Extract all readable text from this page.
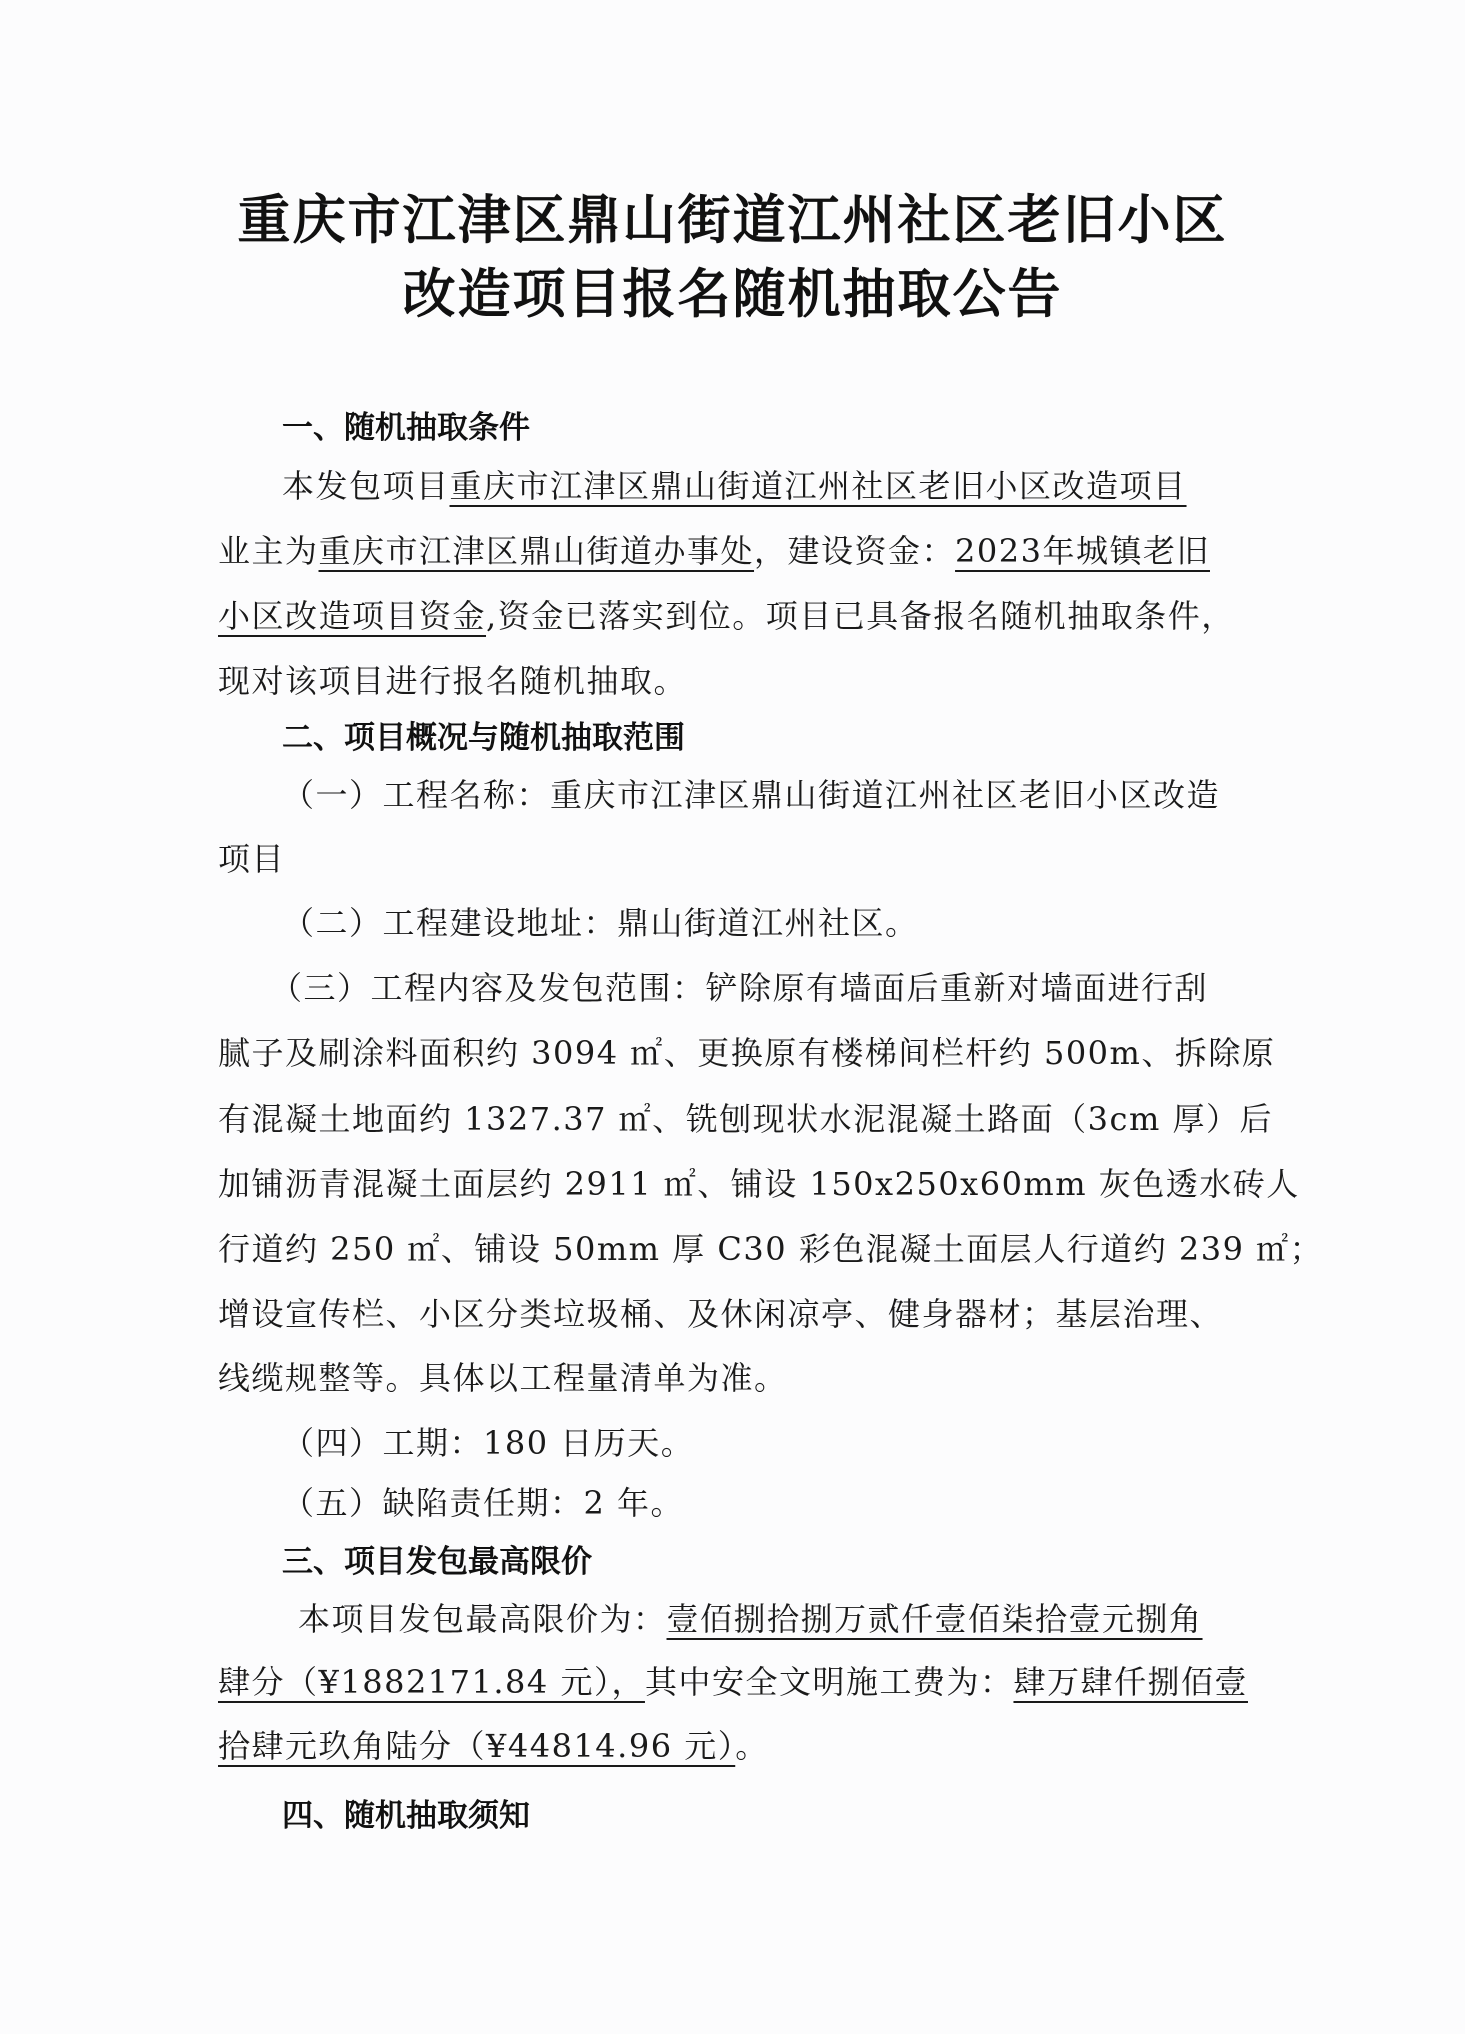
重庆市江津区鼎山街道江州社区老旧小区
改造项目报名随机抽取公告
一、随机抽取条件
本发包项目重庆市江津区鼎山街道江州社区老旧小区改造项目
业主为重庆市江津区鼎山街道办事处，建设资金：2023年城镇老旧
小区改造项目资金,资金已落实到位。项目已具备报名随机抽取条件，
现对该项目进行报名随机抽取。
二、项目概况与随机抽取范围
（一）工程名称：重庆市江津区鼎山街道江州社区老旧小区改造
项目
（二）工程建设地址：鼎山街道江州社区。
（三）工程内容及发包范围：铲除原有墙面后重新对墙面进行刮
腻子及刷涂料面积约 3094 ㎡、更换原有楼梯间栏杆约 500m、拆除原
有混凝土地面约 1327.37 ㎡、铣刨现状水泥混凝土路面（3cm 厚）后
加铺沥青混凝土面层约 2911 ㎡、铺设 150x250x60mm 灰色透水砖人
行道约 250 ㎡、铺设 50mm 厚 C30 彩色混凝土面层人行道约 239 ㎡；
增设宣传栏、小区分类垃圾桶、及休闲凉亭、健身器材；基层治理、
线缆规整等。具体以工程量清单为准。
（四）工期：180 日历天。
（五）缺陷责任期：2 年。
三、项目发包最高限价
本项目发包最高限价为：壹佰捌拾捌万贰仟壹佰柒拾壹元捌角
肆分（¥1882171.84 元），其中安全文明施工费为：肆万肆仟捌佰壹
拾肆元玖角陆分（¥44814.96 元）。
四、随机抽取须知
